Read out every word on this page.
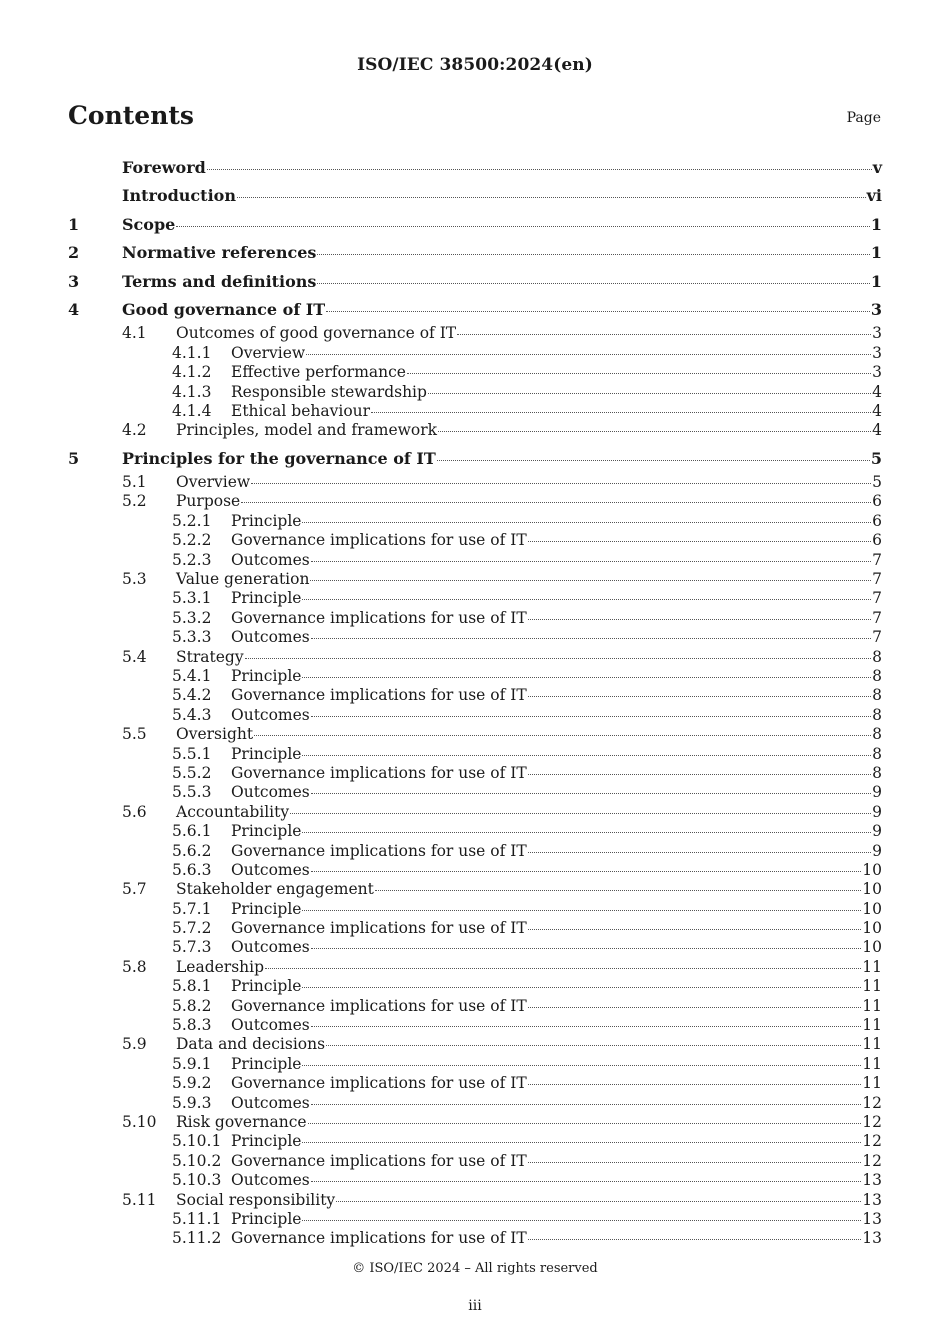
ISO/IEC 38500:2024(en)
Contents	Page
Foreword	v
Introduction	vi
1	Scope	1
2	Normative references	1
3	Terms and definitions	1
4	Good governance of IT	3
4.1	Outcomes of good governance of IT	3
4.1.1	Overview	3
4.1.2	Effective performance	3
4.1.3	Responsible stewardship	4
4.1.4	Ethical behaviour	4
4.2	Principles, model and framework	4
5	Principles for the governance of IT	5
5.1	Overview	5
5.2	Purpose	6
5.2.1	Principle	6
5.2.2	Governance implications for use of IT	6
5.2.3	Outcomes	7
5.3	Value generation	7
5.3.1	Principle	7
5.3.2	Governance implications for use of IT	7
5.3.3	Outcomes	7
5.4	Strategy	8
5.4.1	Principle	8
5.4.2	Governance implications for use of IT	8
5.4.3	Outcomes	8
5.5	Oversight	8
5.5.1	Principle	8
5.5.2	Governance implications for use of IT	8
5.5.3	Outcomes	9
5.6	Accountability	9
5.6.1	Principle	9
5.6.2	Governance implications for use of IT	9
5.6.3	Outcomes	10
5.7	Stakeholder engagement	10
5.7.1	Principle	10
5.7.2	Governance implications for use of IT	10
5.7.3	Outcomes	10
5.8	Leadership	11
5.8.1	Principle	11
5.8.2	Governance implications for use of IT	11
5.8.3	Outcomes	11
5.9	Data and decisions	11
5.9.1	Principle	11
5.9.2	Governance implications for use of IT	11
5.9.3	Outcomes	12
5.10	Risk governance	12
5.10.1 Principle	12
5.10.2 Governance implications for use of IT	12
5.10.3 Outcomes	13
5.11	Social responsibility	13
5.11.1 Principle	13
5.11.2 Governance implications for use of IT	13
© ISO/IEC 2024 – All rights reserved
iii
